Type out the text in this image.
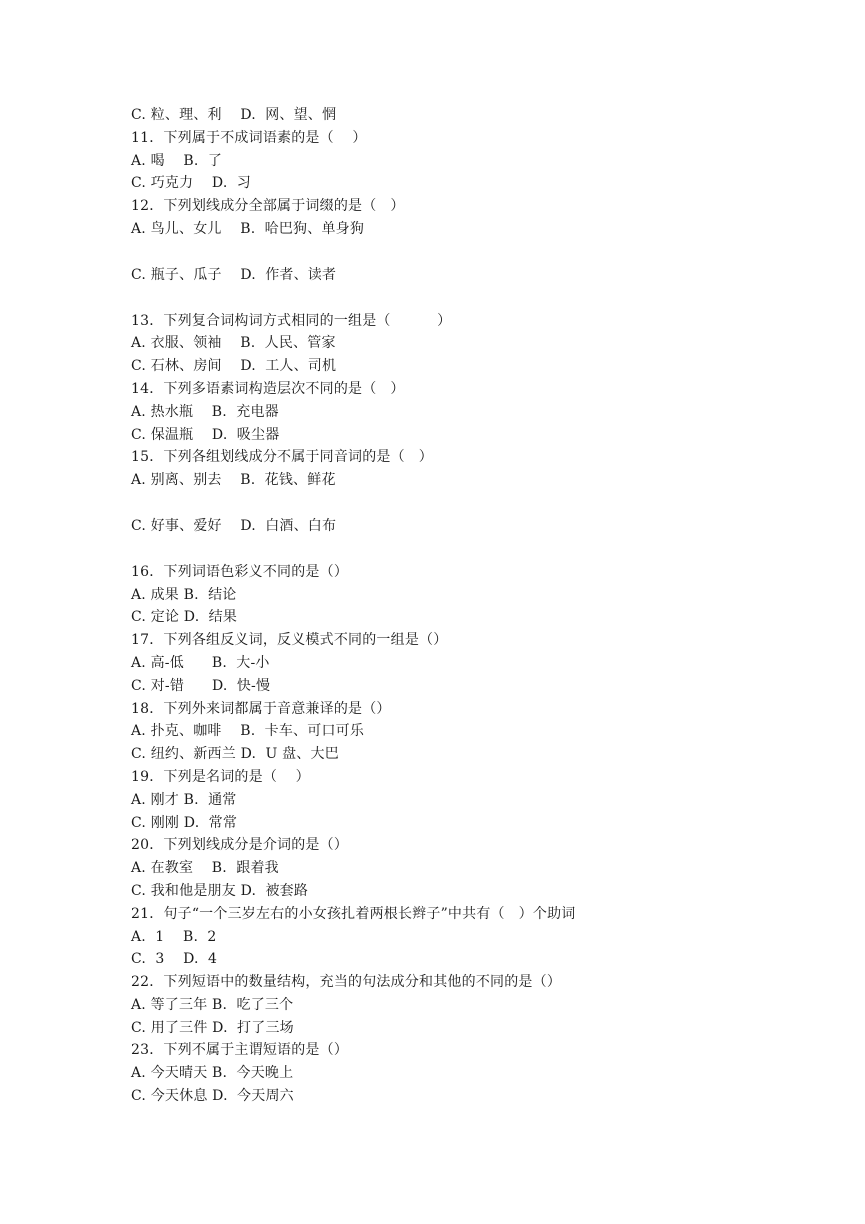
C. 粒、理、利    D.  网、望、惘
11．下列属于不成词语素的是（    ）
A. 喝    B.  了
C. 巧克力    D.  习
12．下列划线成分全部属于词缀的是（   ）
A. 鸟儿、女儿    B.  哈巴狗、单身狗
C. 瓶子、瓜子    D.  作者、读者
13．下列复合词构词方式相同的一组是（          ）
A. 衣服、领袖    B.  人民、管家
C. 石林、房间    D.  工人、司机
14．下列多语素词构造层次不同的是（   ）
A. 热水瓶    B.  充电器
C. 保温瓶    D.  吸尘器
15．下列各组划线成分不属于同音词的是（   ）
A. 别离、别去    B.  花钱、鲜花
C. 好事、爱好    D.  白酒、白布
16．下列词语色彩义不同的是（）
A. 成果 B.  结论
C. 定论 D.  结果
17．下列各组反义词，反义模式不同的一组是（）
A. 高-低      B.  大-小
C. 对-错      D.  快-慢
18．下列外来词都属于音意兼译的是（）
A. 扑克、咖啡    B.  卡车、可口可乐
C. 纽约、新西兰 D.  U 盘、大巴
19．下列是名词的是（    ）
A. 刚才 B.  通常
C. 刚刚 D.  常常
20．下列划线成分是介词的是（）
A. 在教室    B.  跟着我
C. 我和他是朋友 D.  被套路
21．句子“一个三岁左右的小女孩扎着两根长辫子”中共有（   ）个助词
A.  1    B.  2
C.  3    D.  4
22．下列短语中的数量结构，充当的句法成分和其他的不同的是（）
A. 等了三年 B.  吃了三个
C. 用了三件 D.  打了三场
23．下列不属于主谓短语的是（）
A. 今天晴天 B.  今天晚上
C. 今天休息 D.  今天周六
